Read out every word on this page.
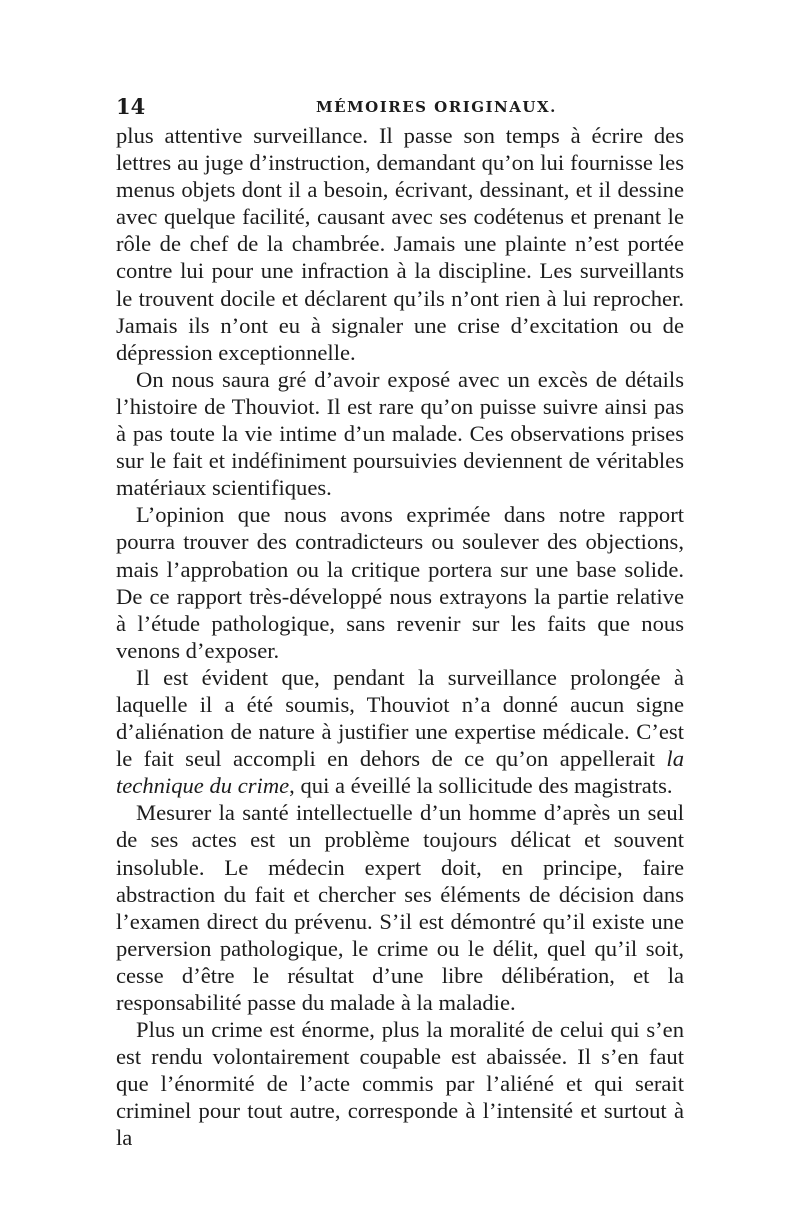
14	MÉMOIRES ORIGINAUX.

plus attentive surveillance. Il passe son temps à écrire des lettres au juge d’instruction, demandant qu’on lui fournisse les menus objets dont il a besoin, écrivant, dessinant, et il dessine avec quelque facilité, causant avec ses codétenus et prenant le rôle de chef de la chambrée. Jamais une plainte n’est portée contre lui pour une infraction à la discipline. Les surveillants le trouvent docile et déclarent qu’ils n’ont rien à lui reprocher. Jamais ils n’ont eu à signaler une crise d’excitation ou de dépression exceptionnelle.

On nous saura gré d’avoir exposé avec un excès de détails l’histoire de Thouviot. Il est rare qu’on puisse suivre ainsi pas à pas toute la vie intime d’un malade. Ces observations prises sur le fait et indéfiniment poursuivies deviennent de véritables matériaux scientifiques.

L’opinion que nous avons exprimée dans notre rapport pourra trouver des contradicteurs ou soulever des objections, mais l’approbation ou la critique portera sur une base solide. De ce rapport très-développé nous extrayons la partie relative à l’étude pathologique, sans revenir sur les faits que nous venons d’exposer.

Il est évident que, pendant la surveillance prolongée à laquelle il a été soumis, Thouviot n’a donné aucun signe d’aliénation de nature à justifier une expertise médicale. C’est le fait seul accompli en dehors de ce qu’on appellerait la technique du crime, qui a éveillé la sollicitude des magistrats.

Mesurer la santé intellectuelle d’un homme d’après un seul de ses actes est un problème toujours délicat et souvent insoluble. Le médecin expert doit, en principe, faire abstraction du fait et chercher ses éléments de décision dans l’examen direct du prévenu. S’il est démontré qu’il existe une perversion pathologique, le crime ou le délit, quel qu’il soit, cesse d’être le résultat d’une libre délibération, et la responsabilité passe du malade à la maladie.

Plus un crime est énorme, plus la moralité de celui qui s’en est rendu volontairement coupable est abaissée. Il s’en faut que l’énormité de l’acte commis par l’aliéné et qui serait criminel pour tout autre, corresponde à l’intensité et surtout à la
